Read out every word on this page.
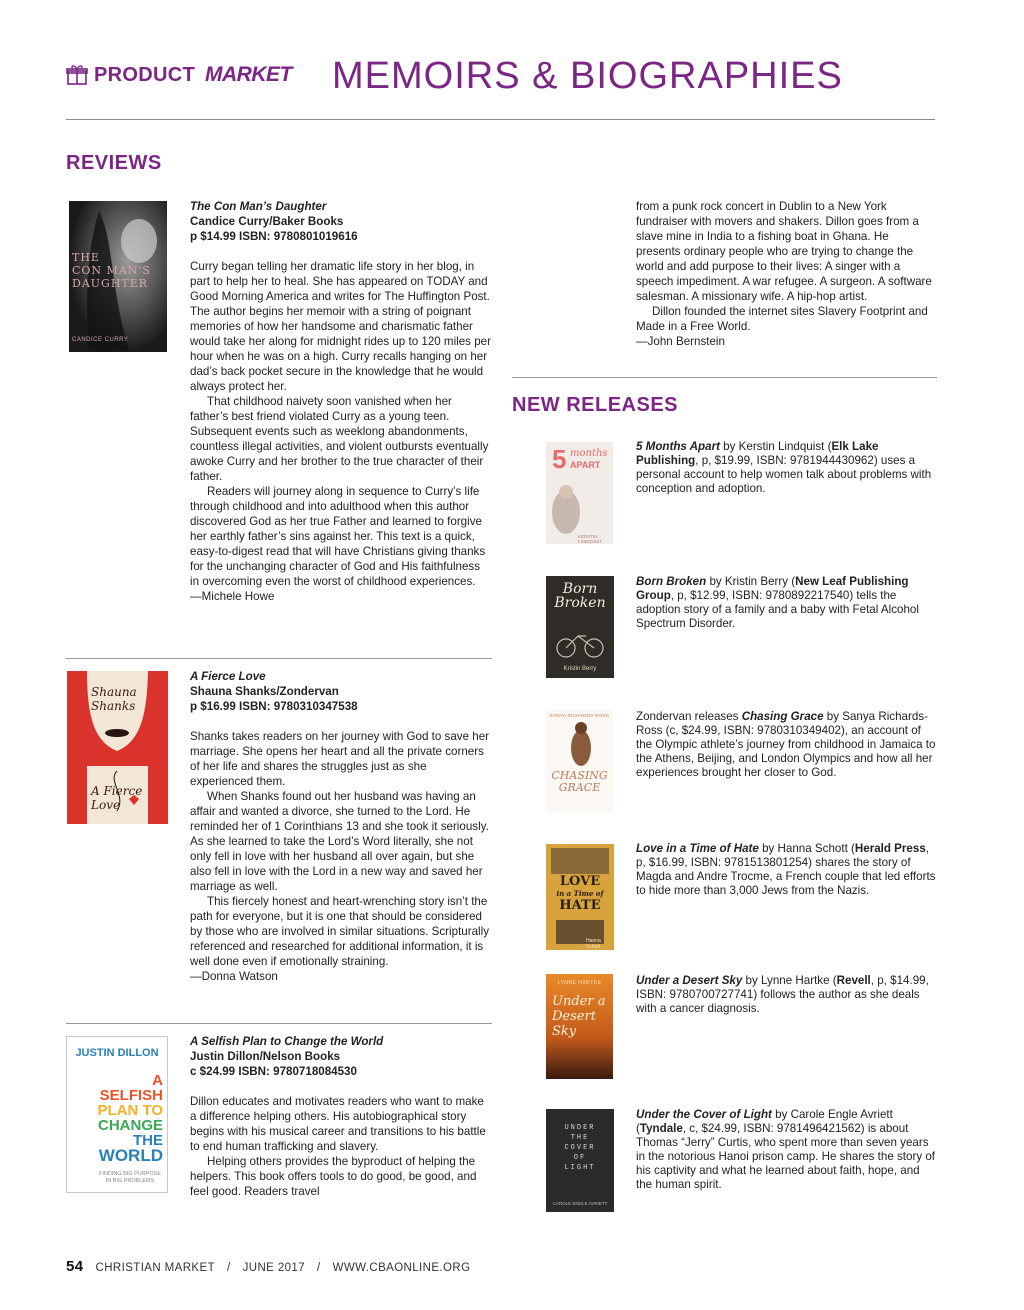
PRODUCT MARKET MEMOIRS & BIOGRAPHIES
REVIEWS
THE
CON MAN'S
DAUGHTER
CANDICE CURRY
The Con Man’s Daughter
Candice Curry/Baker Books
p $14.99 ISBN: 9780801019616

Curry began telling her dramatic life story in her blog, in part to help her to heal. She has appeared on TODAY and Good Morning America and writes for The Huffington Post. The author begins her memoir with a string of poignant memories of how her handsome and charismatic father would take her along for midnight rides up to 120 miles per hour when he was on a high. Curry recalls hanging on her dad’s back pocket secure in the knowledge that he would always protect her.

That childhood naivety soon vanished when her father’s best friend violated Curry as a young teen. Subsequent events such as weeklong abandonments, countless illegal activities, and violent outbursts eventually awoke Curry and her brother to the true character of their father.

Readers will journey along in sequence to Curry’s life through childhood and into adulthood when this author discovered God as her true Father and learned to forgive her earthly father’s sins against her. This text is a quick, easy-to-digest read that will have Christians giving thanks for the unchanging character of God and His faithfulness in overcoming even the worst of childhood experiences.

—Michele Howe

Shauna Shanks
A Fierce Love
A Fierce Love
Shauna Shanks/Zondervan
p $16.99 ISBN: 9780310347538

Shanks takes readers on her journey with God to save her marriage. She opens her heart and all the private corners of her life and shares the struggles just as she experienced them.

When Shanks found out her husband was having an affair and wanted a divorce, she turned to the Lord. He reminded her of 1 Corinthians 13 and she took it seriously. As she learned to take the Lord’s Word literally, she not only fell in love with her husband all over again, but she also fell in love with the Lord in a new way and saved her marriage as well.

This fiercely honest and heart-wrenching story isn’t the path for everyone, but it is one that should be considered by those who are involved in similar situations. Scripturally referenced and researched for additional information, it is well done even if emotionally straining.

—Donna Watson

JUSTIN DILLON
A
SELFISH
PLAN TO
CHANGE
THE
WORLD
FINDING BIG PURPOSE IN BIG PROBLEMS
A Selfish Plan to Change the World
Justin Dillon/Nelson Books
c $24.99 ISBN: 9780718084530

Dillon educates and motivates readers who want to make a difference helping others. His autobiographical story begins with his musical career and transitions to his battle to end human trafficking and slavery.

Helping others provides the byproduct of helping the helpers. This book offers tools to do good, be good, and feel good. Readers travel

from a punk rock concert in Dublin to a New York fundraiser with movers and shakers. Dillon goes from a slave mine in India to a fishing boat in Ghana. He presents ordinary people who are trying to change the world and add purpose to their lives: A singer with a speech impediment. A war refugee. A surgeon. A software salesman. A missionary wife. A hip-hop artist.

Dillon founded the internet sites Slavery Footprint and Made in a Free World.

—John Bernstein

NEW RELEASES
5 months
APART
KERSTIN LINDQUIST
5 Months Apart by Kerstin Lindquist (Elk Lake Publishing, p, $19.99, ISBN: 9781944430962) uses a personal account to help women talk about problems with conception and adoption.
Born
Broken
Kristin Berry
Born Broken by Kristin Berry (New Leaf Publishing Group, p, $12.99, ISBN: 9780892217540) tells the adoption story of a family and a baby with Fetal Alcohol Spectrum Disorder.
SANYA RICHARDS-ROSS
CHASING
GRACE
Zondervan releases Chasing Grace by Sanya Richards-Ross (c, $24.99, ISBN: 9780310349402), an account of the Olympic athlete’s journey from childhood in Jamaica to the Athens, Beijing, and London Olympics and how all her experiences brought her closer to God.
LOVE
in a Time of
HATE
Hanna Schott
Love in a Time of Hate by Hanna Schott (Herald Press, p, $16.99, ISBN: 9781513801254) shares the story of Magda and Andre Trocme, a French couple that led efforts to hide more than 3,000 Jews from the Nazis.
LYNNE HARTKE
Under a
Desert
Sky
Under a Desert Sky by Lynne Hartke (Revell, p, $14.99, ISBN: 9780700727741) follows the author as she deals with a cancer diagnosis.
UNDER
THE
COVER
OF
LIGHT
CAROLE ENGLE AVRIETT
Under the Cover of Light by Carole Engle Avriett (Tyndale, c, $24.99, ISBN: 9781496421562) is about Thomas “Jerry” Curtis, who spent more than seven years in the notorious Hanoi prison camp. He shares the story of his captivity and what he learned about faith, hope, and the human spirit.
54 CHRISTIAN MARKET / JUNE 2017 / WWW.CBAONLINE.ORG
